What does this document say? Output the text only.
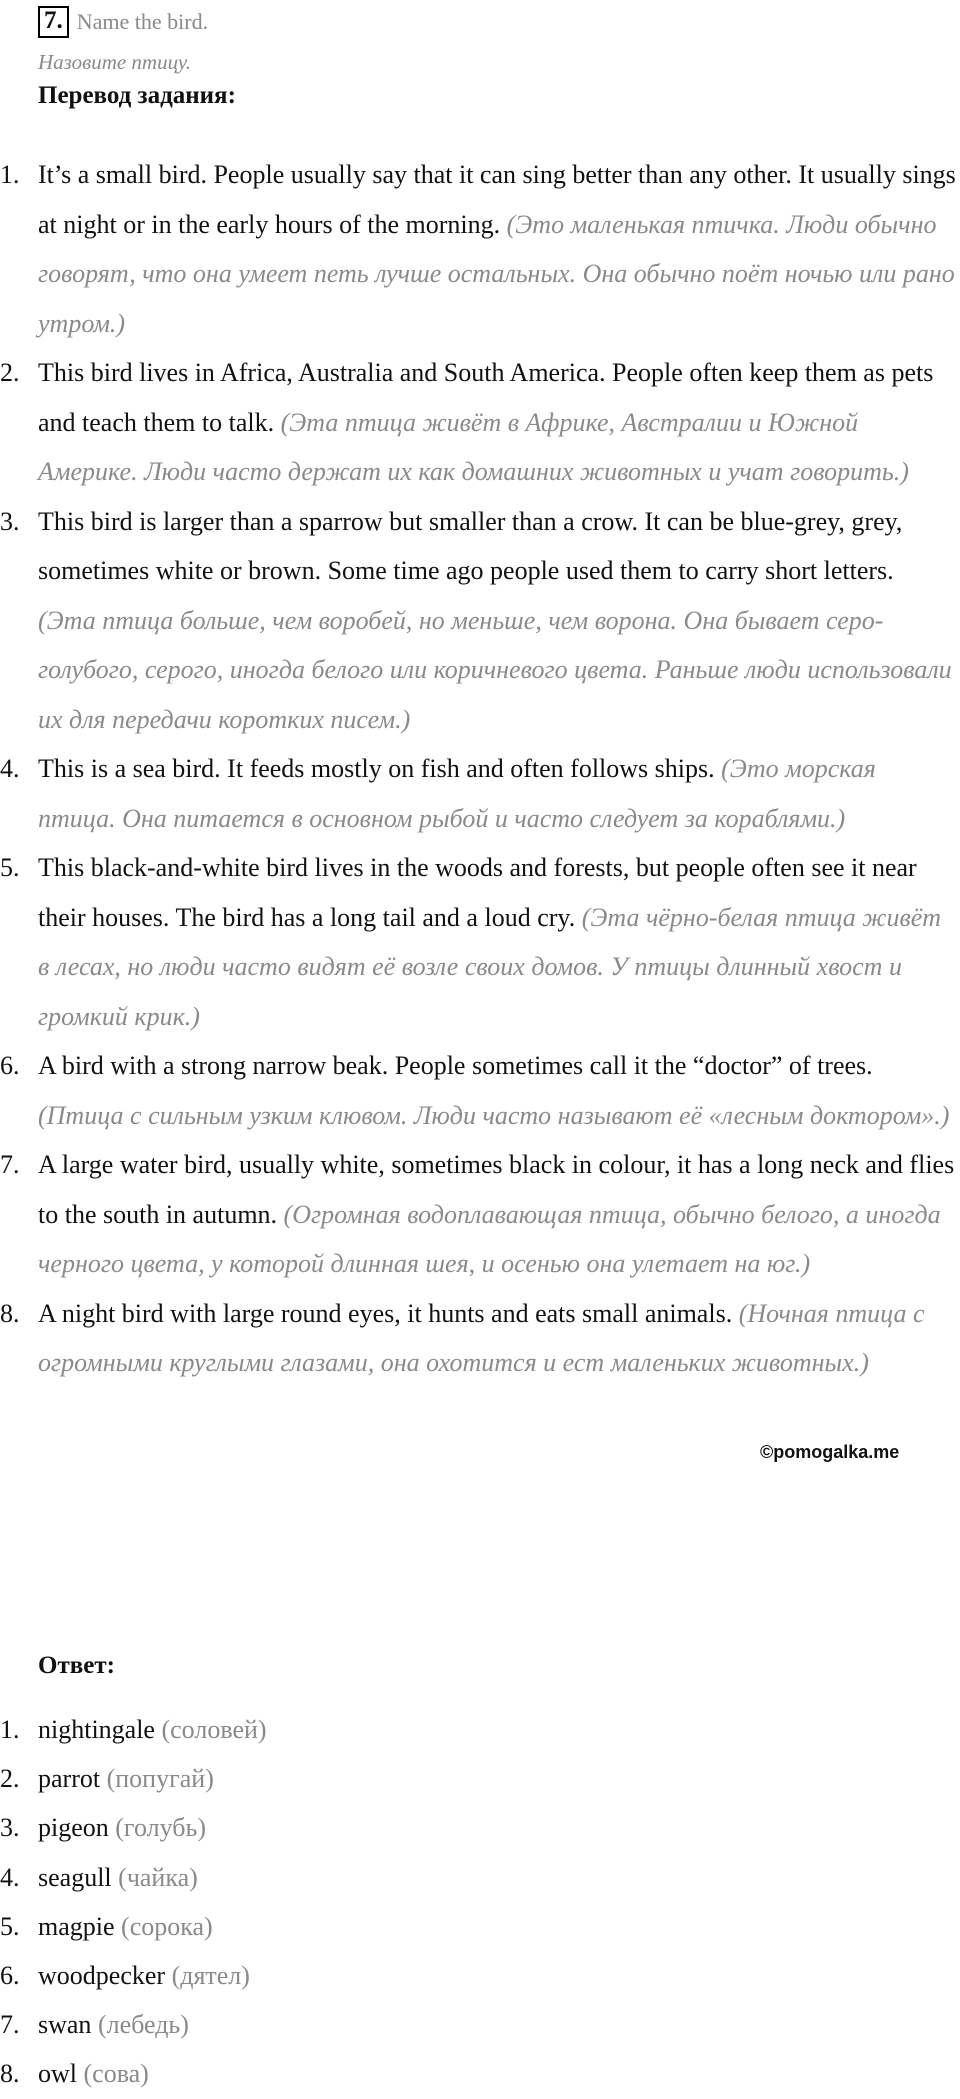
7. Name the bird.
Назовите птицу.
Перевод задания:
1. It’s a small bird. People usually say that it can sing better than any other. It usually sings at night or in the early hours of the morning. (Это маленькая птичка. Люди обычно говорят, что она умеет петь лучше остальных. Она обычно поёт ночью или рано утром.)
2. This bird lives in Africa, Australia and South America. People often keep them as pets and teach them to talk. (Эта птица живёт в Африке, Австралии и Южной Америке. Люди часто держат их как домашних животных и учат говорить.)
3. This bird is larger than a sparrow but smaller than a crow. It can be blue-grey, grey, sometimes white or brown. Some time ago people used them to carry short letters. (Эта птица больше, чем воробей, но меньше, чем ворона. Она бывает серо-голубого, серого, иногда белого или коричневого цвета. Раньше люди использовали их для передачи коротких писем.)
4. This is a sea bird. It feeds mostly on fish and often follows ships. (Это морская птица. Она питается в основном рыбой и часто следует за кораблями.)
5. This black-and-white bird lives in the woods and forests, but people often see it near their houses. The bird has a long tail and a loud cry. (Эта чёрно-белая птица живёт в лесах, но люди часто видят её возле своих домов. У птицы длинный хвост и громкий крик.)
6. A bird with a strong narrow beak. People sometimes call it the “doctor” of trees. (Птица с сильным узким клювом. Люди часто называют её «лесным доктором».)
7. A large water bird, usually white, sometimes black in colour, it has a long neck and flies to the south in autumn. (Огромная водоплавающая птица, обычно белого, а иногда черного цвета, у которой длинная шея, и осенью она улетает на юг.)
8. A night bird with large round eyes, it hunts and eats small animals. (Ночная птица с огромными круглыми глазами, она охотится и ест маленьких животных.)
©pomogalka.me
Ответ:
1. nightingale (соловей)
2. parrot (попугай)
3. pigeon (голубь)
4. seagull (чайка)
5. magpie (сорока)
6. woodpecker (дятел)
7. swan (лебедь)
8. owl (сова)
